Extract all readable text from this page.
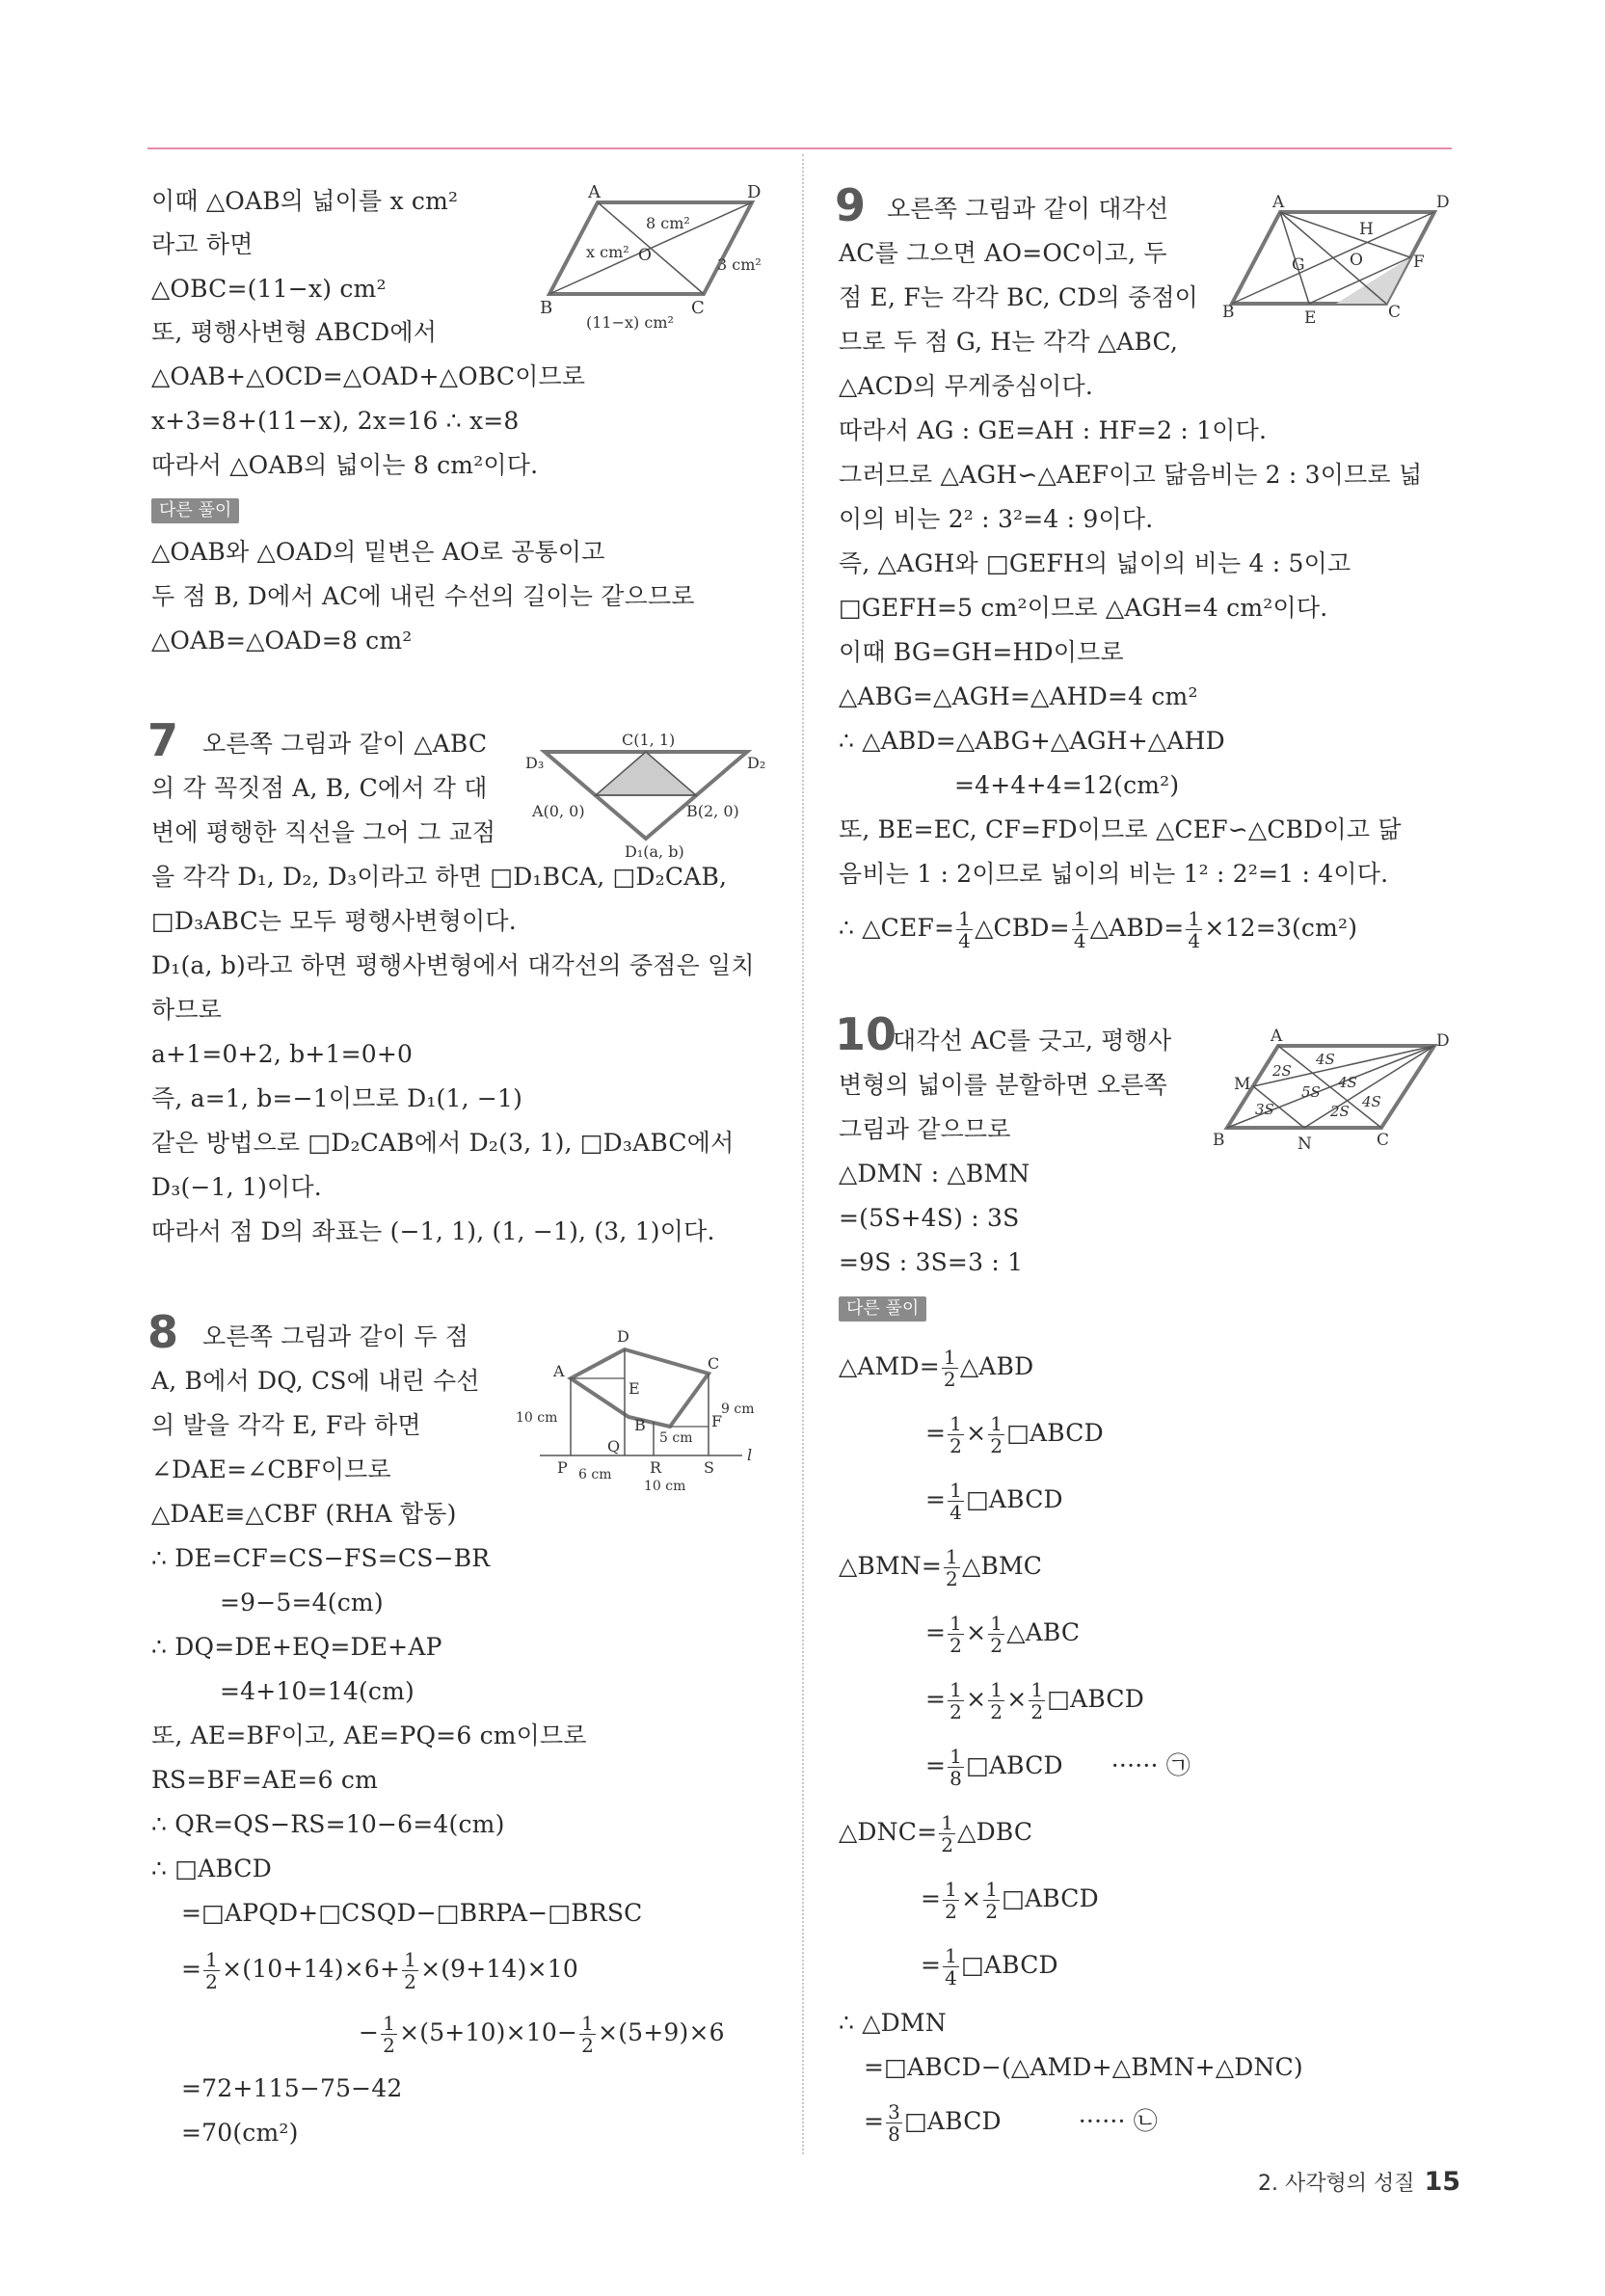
이때 △OAB의 넓이를 x cm²
라고 하면
△OBC=(11−x) cm²
또, 평행사변형 ABCD에서
△OAB+△OCD=△OAD+△OBC이므로
x+3=8+(11−x), 2x=16 ∴ x=8
따라서 △OAB의 넓이는 8 cm²이다.
다른 풀이
△OAB와 △OAD의 밑변은 AO로 공통이고
두 점 B, D에서 AC에 내린 수선의 길이는 같으므로
△OAB=△OAD=8 cm²
A	D
B	C
O
8 cm²
x cm²
3 cm²
(11−x) cm²
7 오른쪽 그림과 같이 △ABC
의 각 꼭짓점 A, B, C에서 각 대
변에 평행한 직선을 그어 그 교점
을 각각 D₁, D₂, D₃이라고 하면 □D₁BCA, □D₂CAB,
□D₃ABC는 모두 평행사변형이다.
D₁(a, b)라고 하면 평행사변형에서 대각선의 중점은 일치
하므로
a+1=0+2, b+1=0+0
즉, a=1, b=−1이므로 D₁(1, −1)
같은 방법으로 □D₂CAB에서 D₂(3, 1), □D₃ABC에서
D₃(−1, 1)이다.
따라서 점 D의 좌표는 (−1, 1), (1, −1), (3, 1)이다.
C(1, 1)
D₃	D₂
A(0, 0)	B(2, 0)
D₁(a, b)
8 오른쪽 그림과 같이 두 점
A, B에서 DQ, CS에 내린 수선
의 발을 각각 E, F라 하면
∠DAE=∠CBF이므로
△DAE≡△CBF (RHA 합동)
∴ DE=CF=CS−FS=CS−BR
=9−5=4(cm)
∴ DQ=DE+EQ=DE+AP
=4+10=14(cm)
또, AE=BF이고, AE=PQ=6 cm이므로
RS=BF=AE=6 cm
∴ QR=QS−RS=10−6=4(cm)
∴ □ABCD
=□APQD+□CSQD−□BRPA−□BRSC
= $\frac{1}{2} \times(10+14)\times 6+ \frac{1}{2} \times(9+14)\times 10$
− $\frac{1}{2} \times(5+10)\times 10- \frac{1}{2} \times(5+9)\times 6$
=72+115−75−42
=70(cm²)
D
A
E
C
B	F
Q
P	R	S
l
10 cm
9 cm
5 cm
6 cm
10 cm
9 오른쪽 그림과 같이 대각선
AC를 그으면 AO=OC이고, 두
점 E, F는 각각 BC, CD의 중점이
므로 두 점 G, H는 각각 △ABC,
△ACD의 무게중심이다.
따라서 AG : GE=AH : HF=2 : 1이다.
그러므로 △AGH∽△AEF이고 닮음비는 2 : 3이므로 넓
이의 비는 2² : 3²=4 : 9이다.
즉, △AGH와 □GEFH의 넓이의 비는 4 : 5이고
□GEFH=5 cm²이므로 △AGH=4 cm²이다.
이때 BG=GH=HD이므로
△ABG=△AGH=△AHD=4 cm²
∴ △ABD=△ABG+△AGH+△AHD
=4+4+4=12(cm²)
또, BE=EC, CF=FD이므로 △CEF∽△CBD이고 닮
음비는 1 : 2이므로 넓이의 비는 1² : 2²=1 : 4이다.
∴ △CEF= $\frac{1}{4}$ △CBD= $\frac{1}{4}$ △ABD= $\frac{1}{4} \times 12=3(cm^2)$
A	D
H
G	O	F
B	E	C
10
대각선 AC를 긋고, 평행사
변형의 넓이를 분할하면 오른쪽
그림과 같으므로
△DMN : △BMN
=(5S+4S) : 3S
=9S : 3S=3 : 1
A	D
M
B	N	C
2S
4S
5S
4S
3S	2S
4S
다른 풀이
△AMD= $\frac{1}{2}$ △ABD
= $\frac{1}{2} \times \frac{1}{2}$ □ABCD
= $\frac{1}{4}$ □ABCD
△BMN= $\frac{1}{2}$ △BMC
= $\frac{1}{2} \times \frac{1}{2}$ △ABC
= $\frac{1}{2} \times \frac{1}{2} \times \frac{1}{2}$ □ABCD
= $\frac{1}{8}$ □ABCD ······ ㉠
△DNC= $\frac{1}{2}$ △DBC
= $\frac{1}{2} \times \frac{1}{2}$ □ABCD
= $\frac{1}{4}$ □ABCD
∴ △DMN
=□ABCD−(△AMD+△BMN+△DNC)
= $\frac{3}{8}$ □ABCD	······ ㉡
2. 사각형의 성질 15
